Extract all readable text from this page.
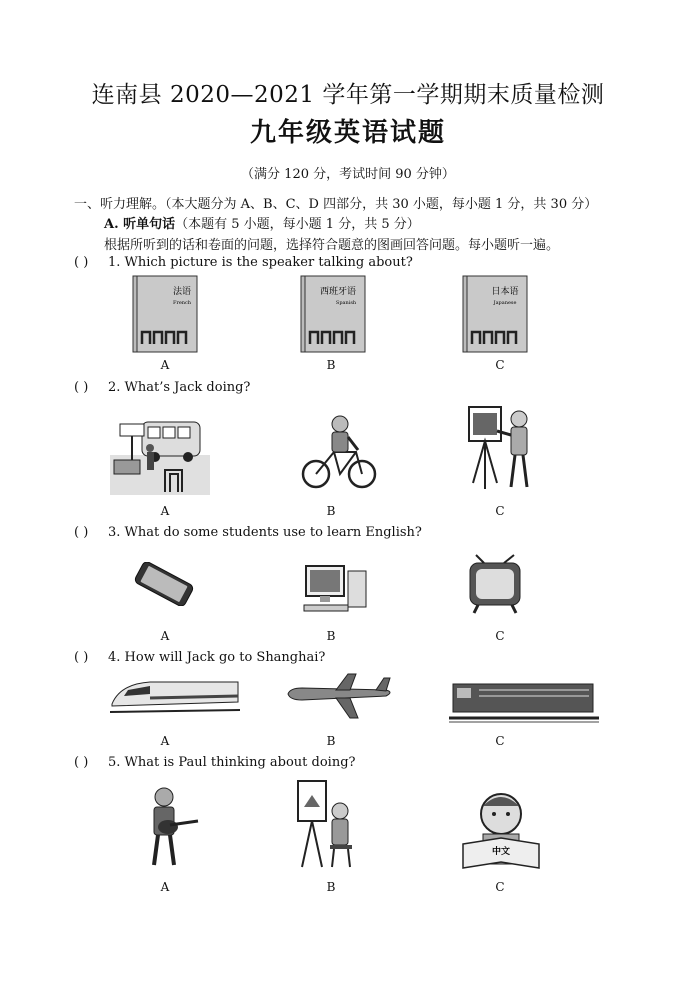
连南县 2020—2021 学年第一学期期末质量检测
九年级英语试题
（满分 120 分，考试时间 90 分钟）
一、听力理解。（本大题分为 A、B、C、D 四部分，共 30 小题，每小题 1 分，共 30 分）
A. 听单句话（本题有 5 小题，每小题 1 分，共 5 分）
根据所听到的话和卷面的问题，选择符合题意的图画回答问题。每小题听一遍。
( ) 1. Which picture is the speaker talking about?
法语
French
西班牙语
Spanish
日本语
Japanese
A	B	C
( ) 2. What’s Jack doing?
A	B	C
( ) 3. What do some students use to learn English?
A	B	C
( ) 4. How will Jack go to Shanghai?
A	B	C
( ) 5. What is Paul thinking about doing?
中文
A	B	C
